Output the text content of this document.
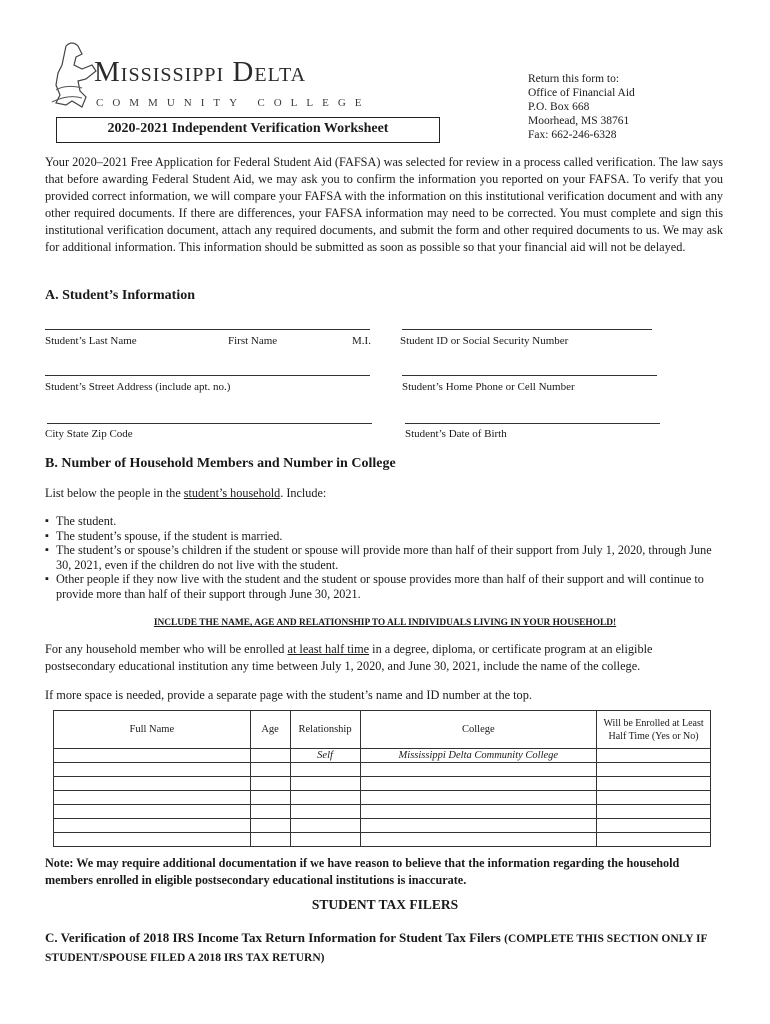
Mississippi Delta
COMMUNITY COLLEGE
Return this form to:
Office of Financial Aid
P.O. Box 668
Moorhead, MS 38761
Fax: 662-246-6328
2020-2021 Independent Verification Worksheet
Your 2020–2021 Free Application for Federal Student Aid (FAFSA) was selected for review in a process called verification. The law says that before awarding Federal Student Aid, we may ask you to confirm the information you reported on your FAFSA. To verify that you provided correct information, we will compare your FAFSA with the information on this institutional verification document and with any other required documents. If there are differences, your FAFSA information may need to be corrected. You must complete and sign this institutional verification document, attach any required documents, and submit the form and other required documents to us. We may ask for additional information. This information should be submitted as soon as possible so that your financial aid will not be delayed.
A. Student’s Information
Student’s Last Name	First Name	M.I.	Student ID or Social Security Number
Student’s Street Address (include apt. no.)	Student’s Home Phone or Cell Number
City State Zip Code	Student’s Date of Birth
B. Number of Household Members and Number in College
List below the people in the student’s household. Include:
▪ The student.
▪ The student’s spouse, if the student is married.
▪ The student’s or spouse’s children if the student or spouse will provide more than half of their support from July 1, 2020, through June 30, 2021, even if the children do not live with the student.
▪ Other people if they now live with the student and the student or spouse provides more than half of their support and will continue to provide more than half of their support through June 30, 2021.
INCLUDE THE NAME, AGE AND RELATIONSHIP TO ALL INDIVIDUALS LIVING IN YOUR HOUSEHOLD!
For any household member who will be enrolled at least half time in a degree, diploma, or certificate program at an eligible postsecondary educational institution any time between July 1, 2020, and June 30, 2021, include the name of the college.
If more space is needed, provide a separate page with the student’s name and ID number at the top.
Full Name	Age	Relationship	College	Will be Enrolled at Least Half Time (Yes or No)
		Self	Mississippi Delta Community College	

Note: We may require additional documentation if we have reason to believe that the information regarding the household members enrolled in eligible postsecondary educational institutions is inaccurate.
STUDENT TAX FILERS
C. Verification of 2018 IRS Income Tax Return Information for Student Tax Filers (COMPLETE THIS SECTION ONLY IF STUDENT/SPOUSE FILED A 2018 IRS TAX RETURN)
